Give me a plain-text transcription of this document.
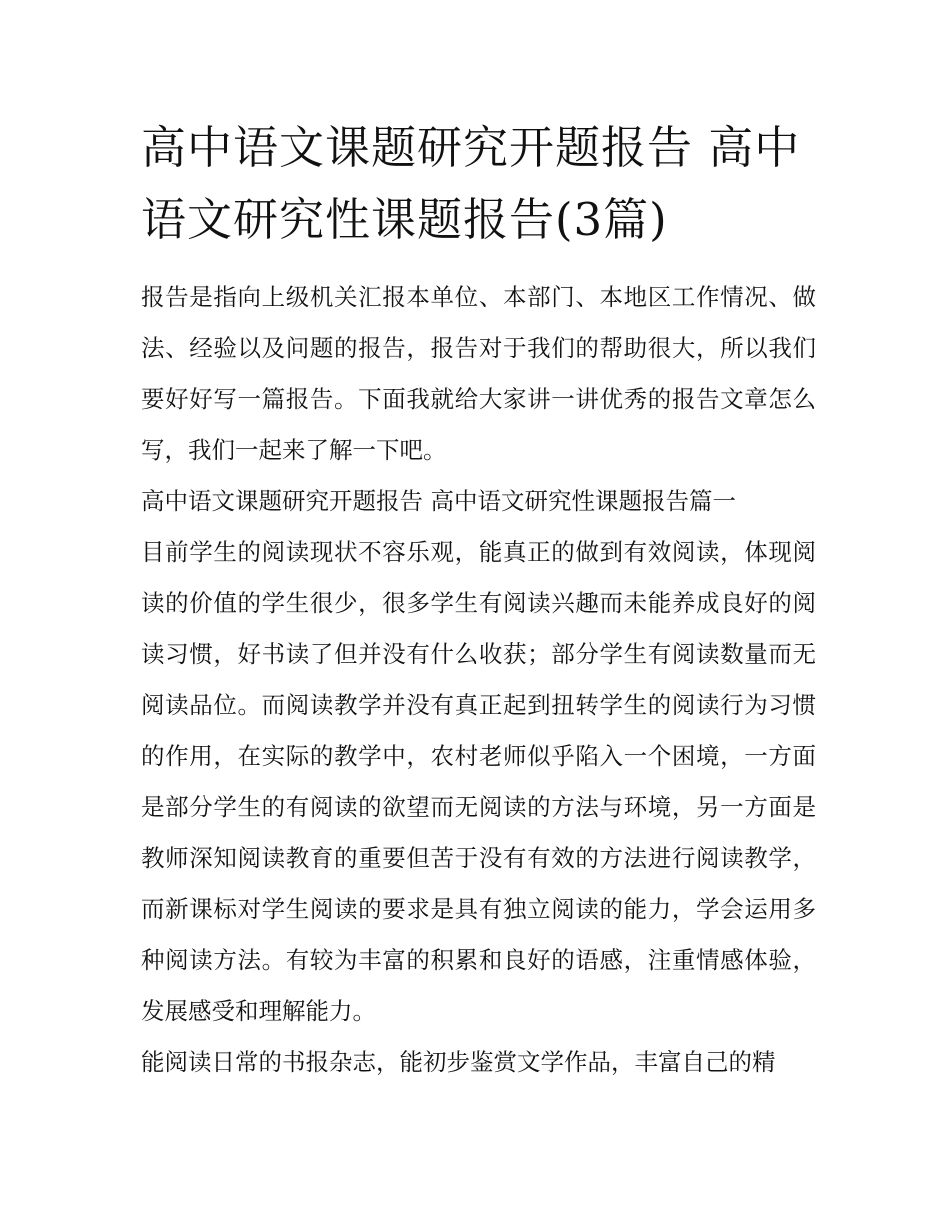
高中语文课题研究开题报告 高中语文研究性课题报告(3篇)

报告是指向上级机关汇报本单位、本部门、本地区工作情况、做法、经验以及问题的报告，报告对于我们的帮助很大，所以我们要好好写一篇报告。下面我就给大家讲一讲优秀的报告文章怎么写，我们一起来了解一下吧。

高中语文课题研究开题报告 高中语文研究性课题报告篇一

目前学生的阅读现状不容乐观，能真正的做到有效阅读，体现阅读的价值的学生很少，很多学生有阅读兴趣而未能养成良好的阅读习惯，好书读了但并没有什么收获；部分学生有阅读数量而无阅读品位。而阅读教学并没有真正起到扭转学生的阅读行为习惯的作用，在实际的教学中，农村老师似乎陷入一个困境，一方面是部分学生的有阅读的欲望而无阅读的方法与环境，另一方面是教师深知阅读教育的重要但苦于没有有效的方法进行阅读教学，而新课标对学生阅读的要求是具有独立阅读的能力，学会运用多种阅读方法。有较为丰富的积累和良好的语感，注重情感体验，发展感受和理解能力。

能阅读日常的书报杂志，能初步鉴赏文学作品，丰富自己的精
